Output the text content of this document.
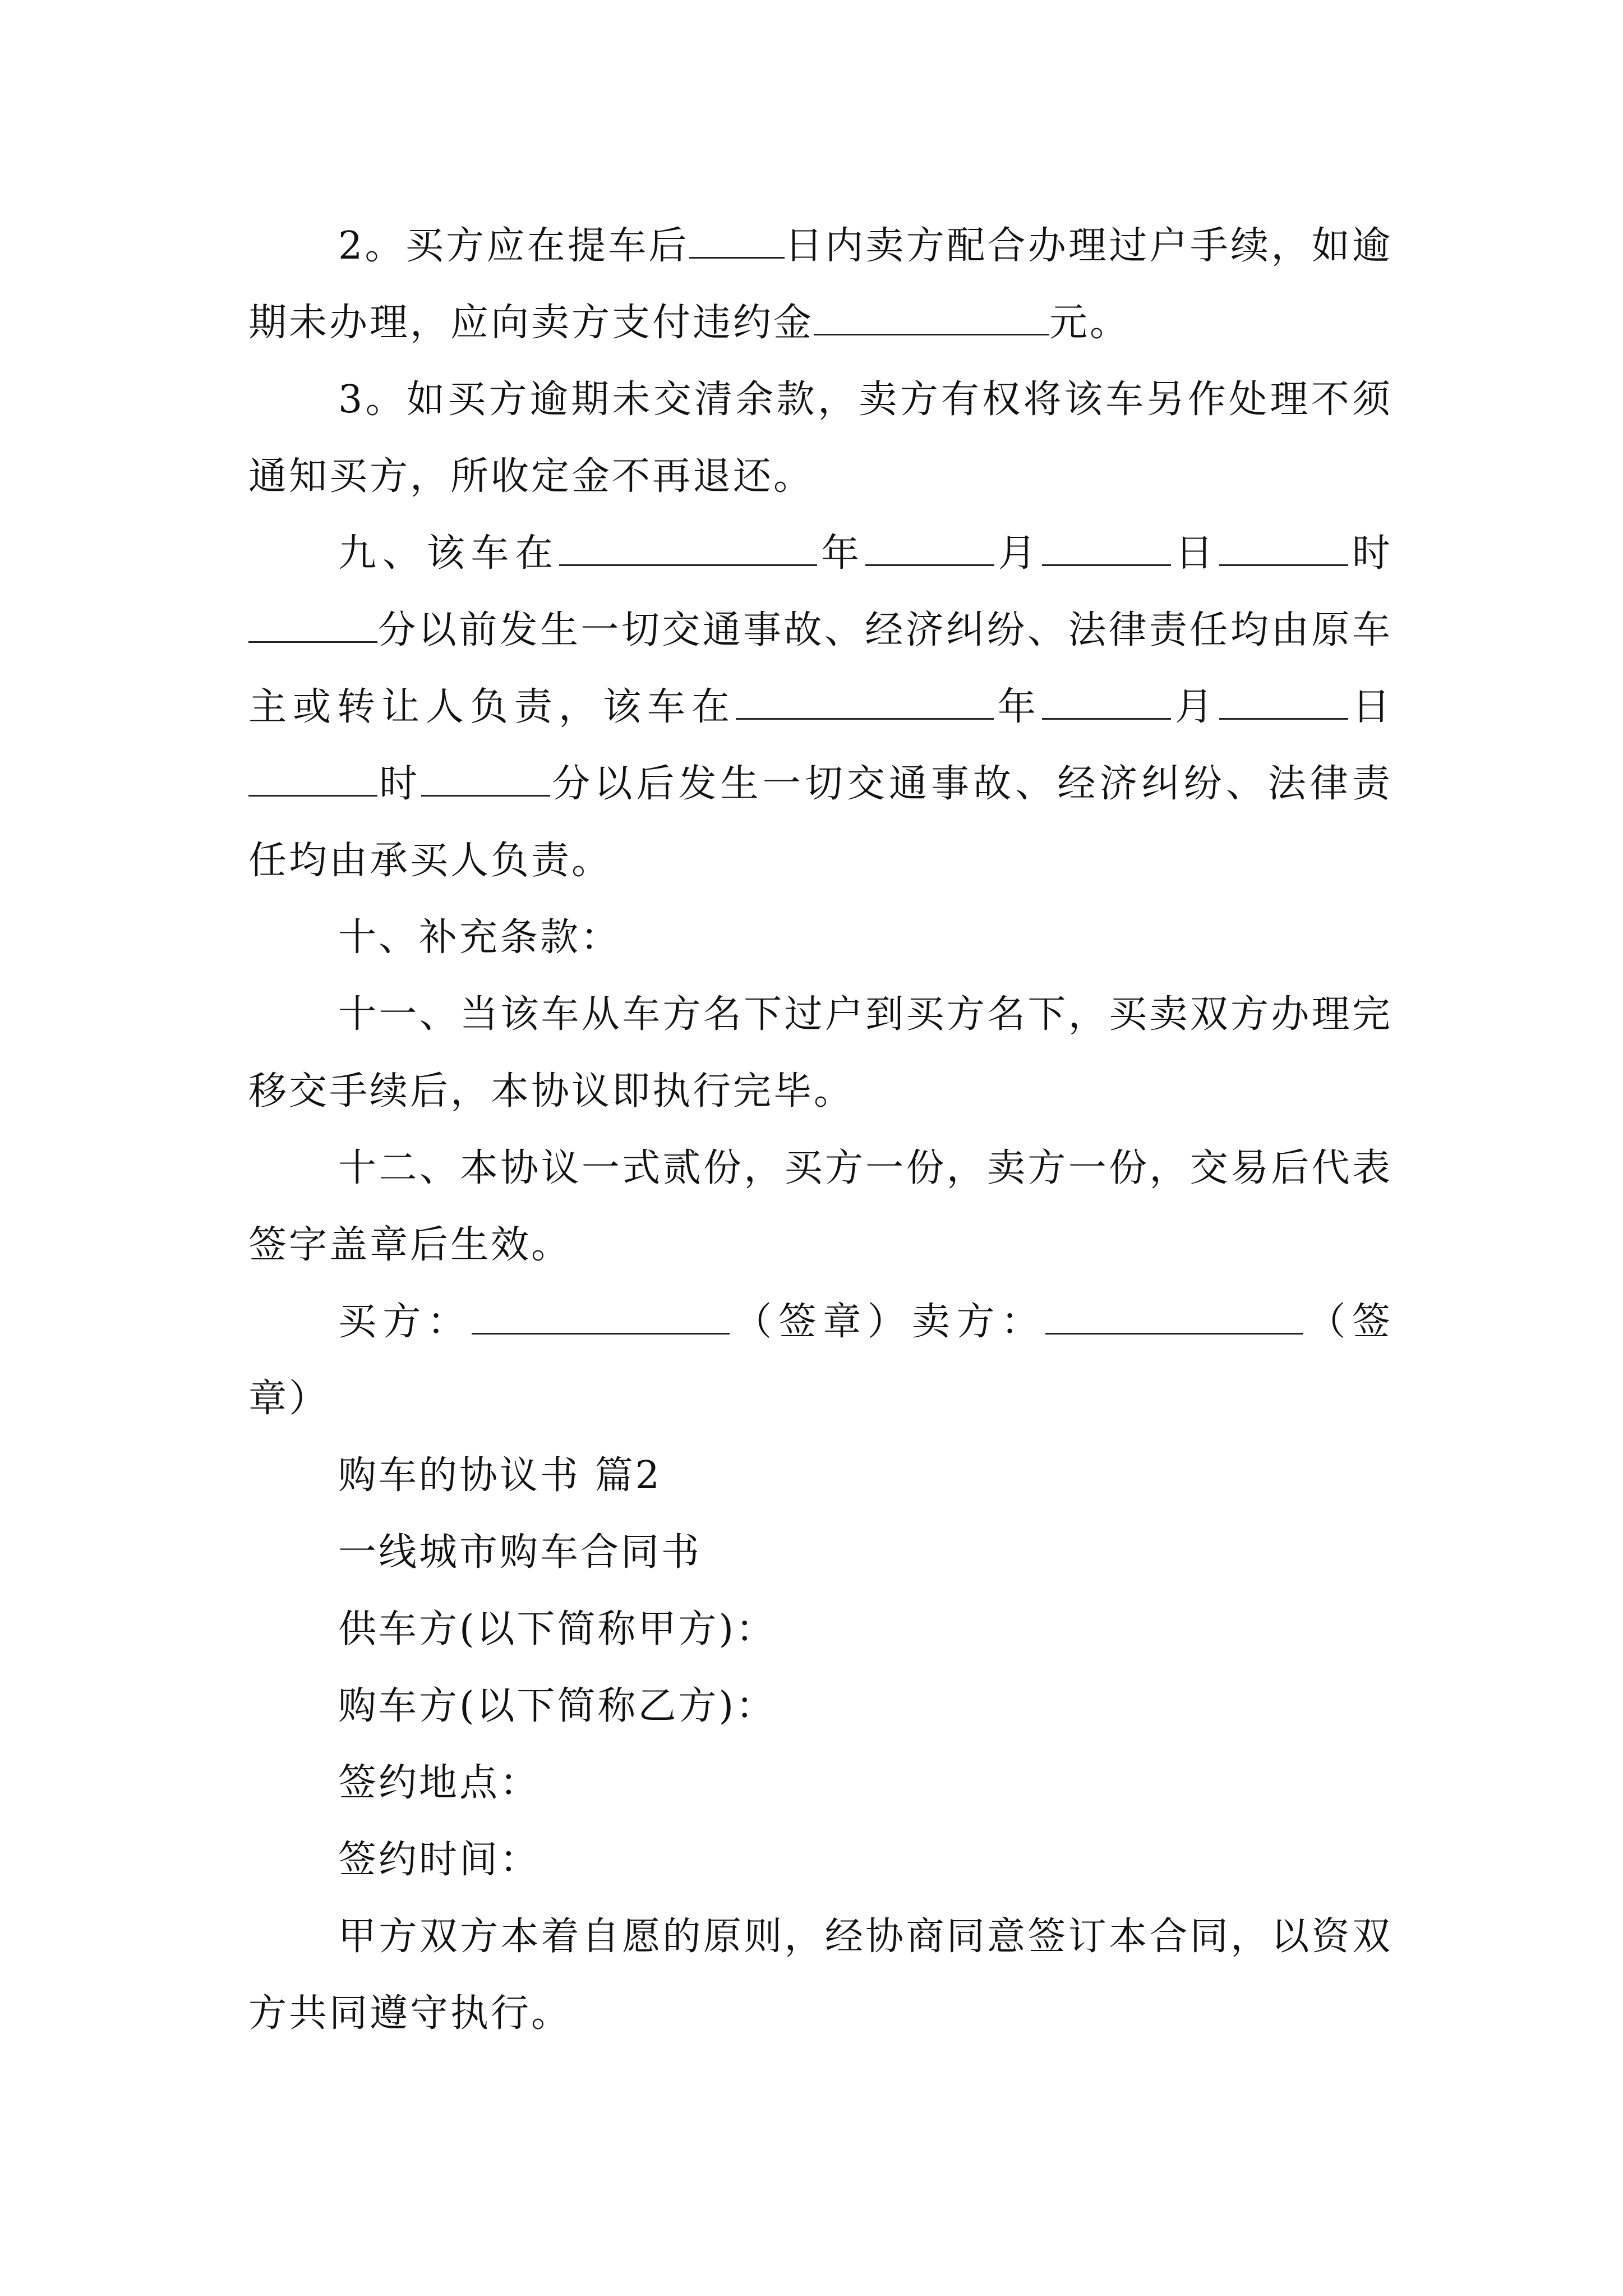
2。买方应在提车后	日内卖方配合办理过户手续，如逾期未办理，应向卖方支付违约金	元。

3。如买方逾期未交清余款，卖方有权将该车另作处理不须通知买方，所收定金不再退还。

九、该车在	年	月	日	时分以前发生一切交通事故、经济纠纷、法律责任均由原车主或转让人负责，该车在	年	月	日时	分以后发生一切交通事故、经济纠纷、法律责任均由承买人负责。

十、补充条款：

十一、当该车从车方名下过户到买方名下，买卖双方办理完移交手续后，本协议即执行完毕。

十二、本协议一式贰份，买方一份，卖方一份，交易后代表签字盖章后生效。

买方：	（签章）卖方：	（签章）

购车的协议书 篇2

一线城市购车合同书

供车方(以下简称甲方)：

购车方(以下简称乙方)：

签约地点：

签约时间：

甲方双方本着自愿的原则，经协商同意签订本合同，以资双方共同遵守执行。
